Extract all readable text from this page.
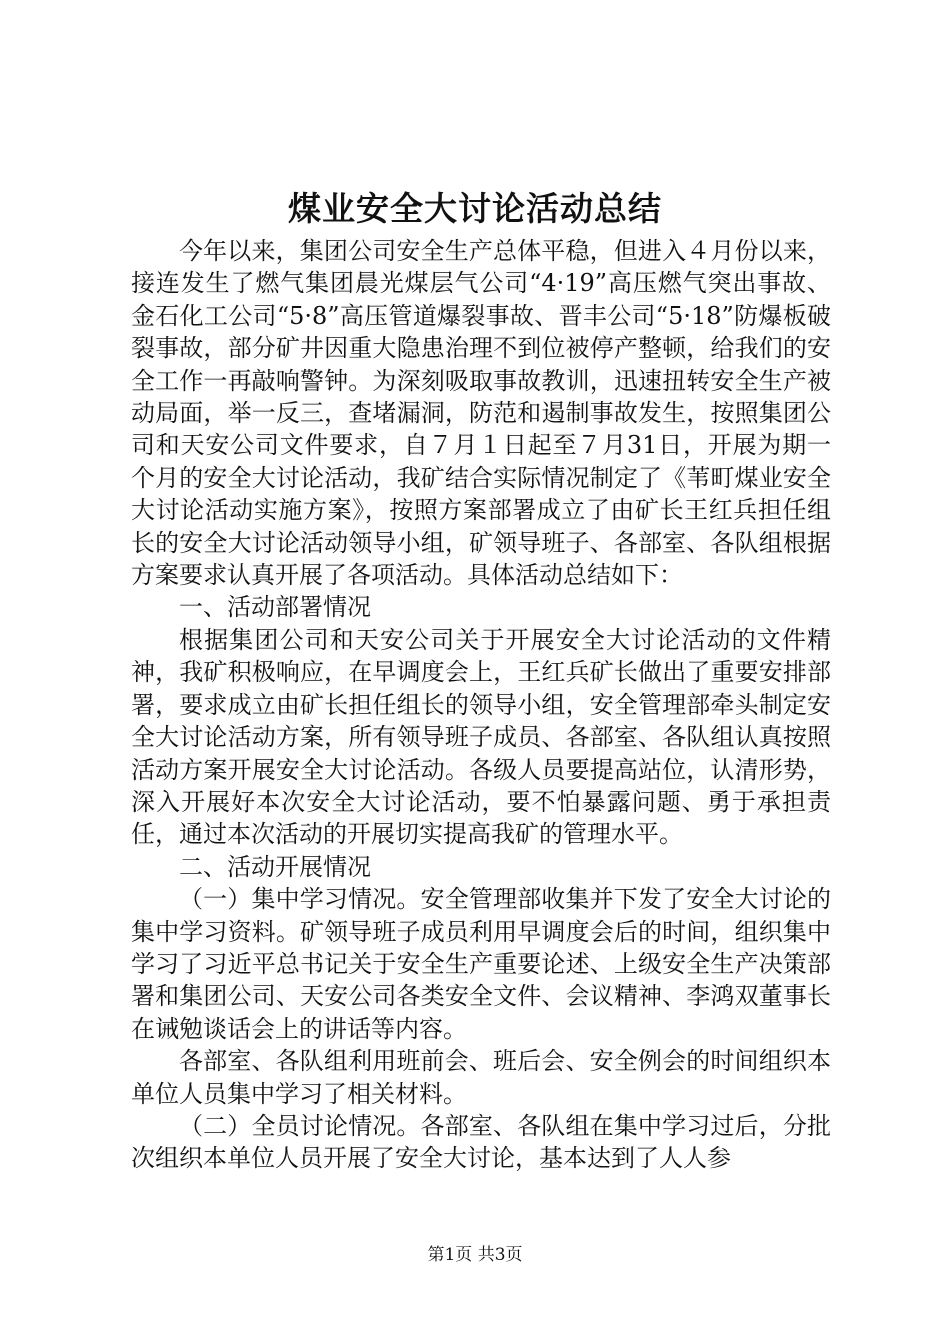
煤业安全大讨论活动总结

今年以来，集团公司安全生产总体平稳，但进入４月份以来，接连发生了燃气集团晨光煤层气公司“4·19”高压燃气突出事故、金石化工公司“5·8”高压管道爆裂事故、晋丰公司“5·18”防爆板破裂事故，部分矿井因重大隐患治理不到位被停产整顿，给我们的安全工作一再敲响警钟。为深刻吸取事故教训，迅速扭转安全生产被动局面，举一反三，查堵漏洞，防范和遏制事故发生，按照集团公司和天安公司文件要求，自７月１日起至７月31日，开展为期一个月的安全大讨论活动，我矿结合实际情况制定了《苇町煤业安全大讨论活动实施方案》，按照方案部署成立了由矿长王红兵担任组长的安全大讨论活动领导小组，矿领导班子、各部室、各队组根据方案要求认真开展了各项活动。具体活动总结如下：

一、活动部署情况

根据集团公司和天安公司关于开展安全大讨论活动的文件精神，我矿积极响应，在早调度会上，王红兵矿长做出了重要安排部署，要求成立由矿长担任组长的领导小组，安全管理部牵头制定安全大讨论活动方案，所有领导班子成员、各部室、各队组认真按照活动方案开展安全大讨论活动。各级人员要提高站位，认清形势，深入开展好本次安全大讨论活动，要不怕暴露问题、勇于承担责任，通过本次活动的开展切实提高我矿的管理水平。

二、活动开展情况

（一）集中学习情况。安全管理部收集并下发了安全大讨论的集中学习资料。矿领导班子成员利用早调度会后的时间，组织集中学习了习近平总书记关于安全生产重要论述、上级安全生产决策部署和集团公司、天安公司各类安全文件、会议精神、李鸿双董事长在诫勉谈话会上的讲话等内容。

各部室、各队组利用班前会、班后会、安全例会的时间组织本单位人员集中学习了相关材料。

（二）全员讨论情况。各部室、各队组在集中学习过后，分批次组织本单位人员开展了安全大讨论，基本达到了人人参

第1页 共3页
